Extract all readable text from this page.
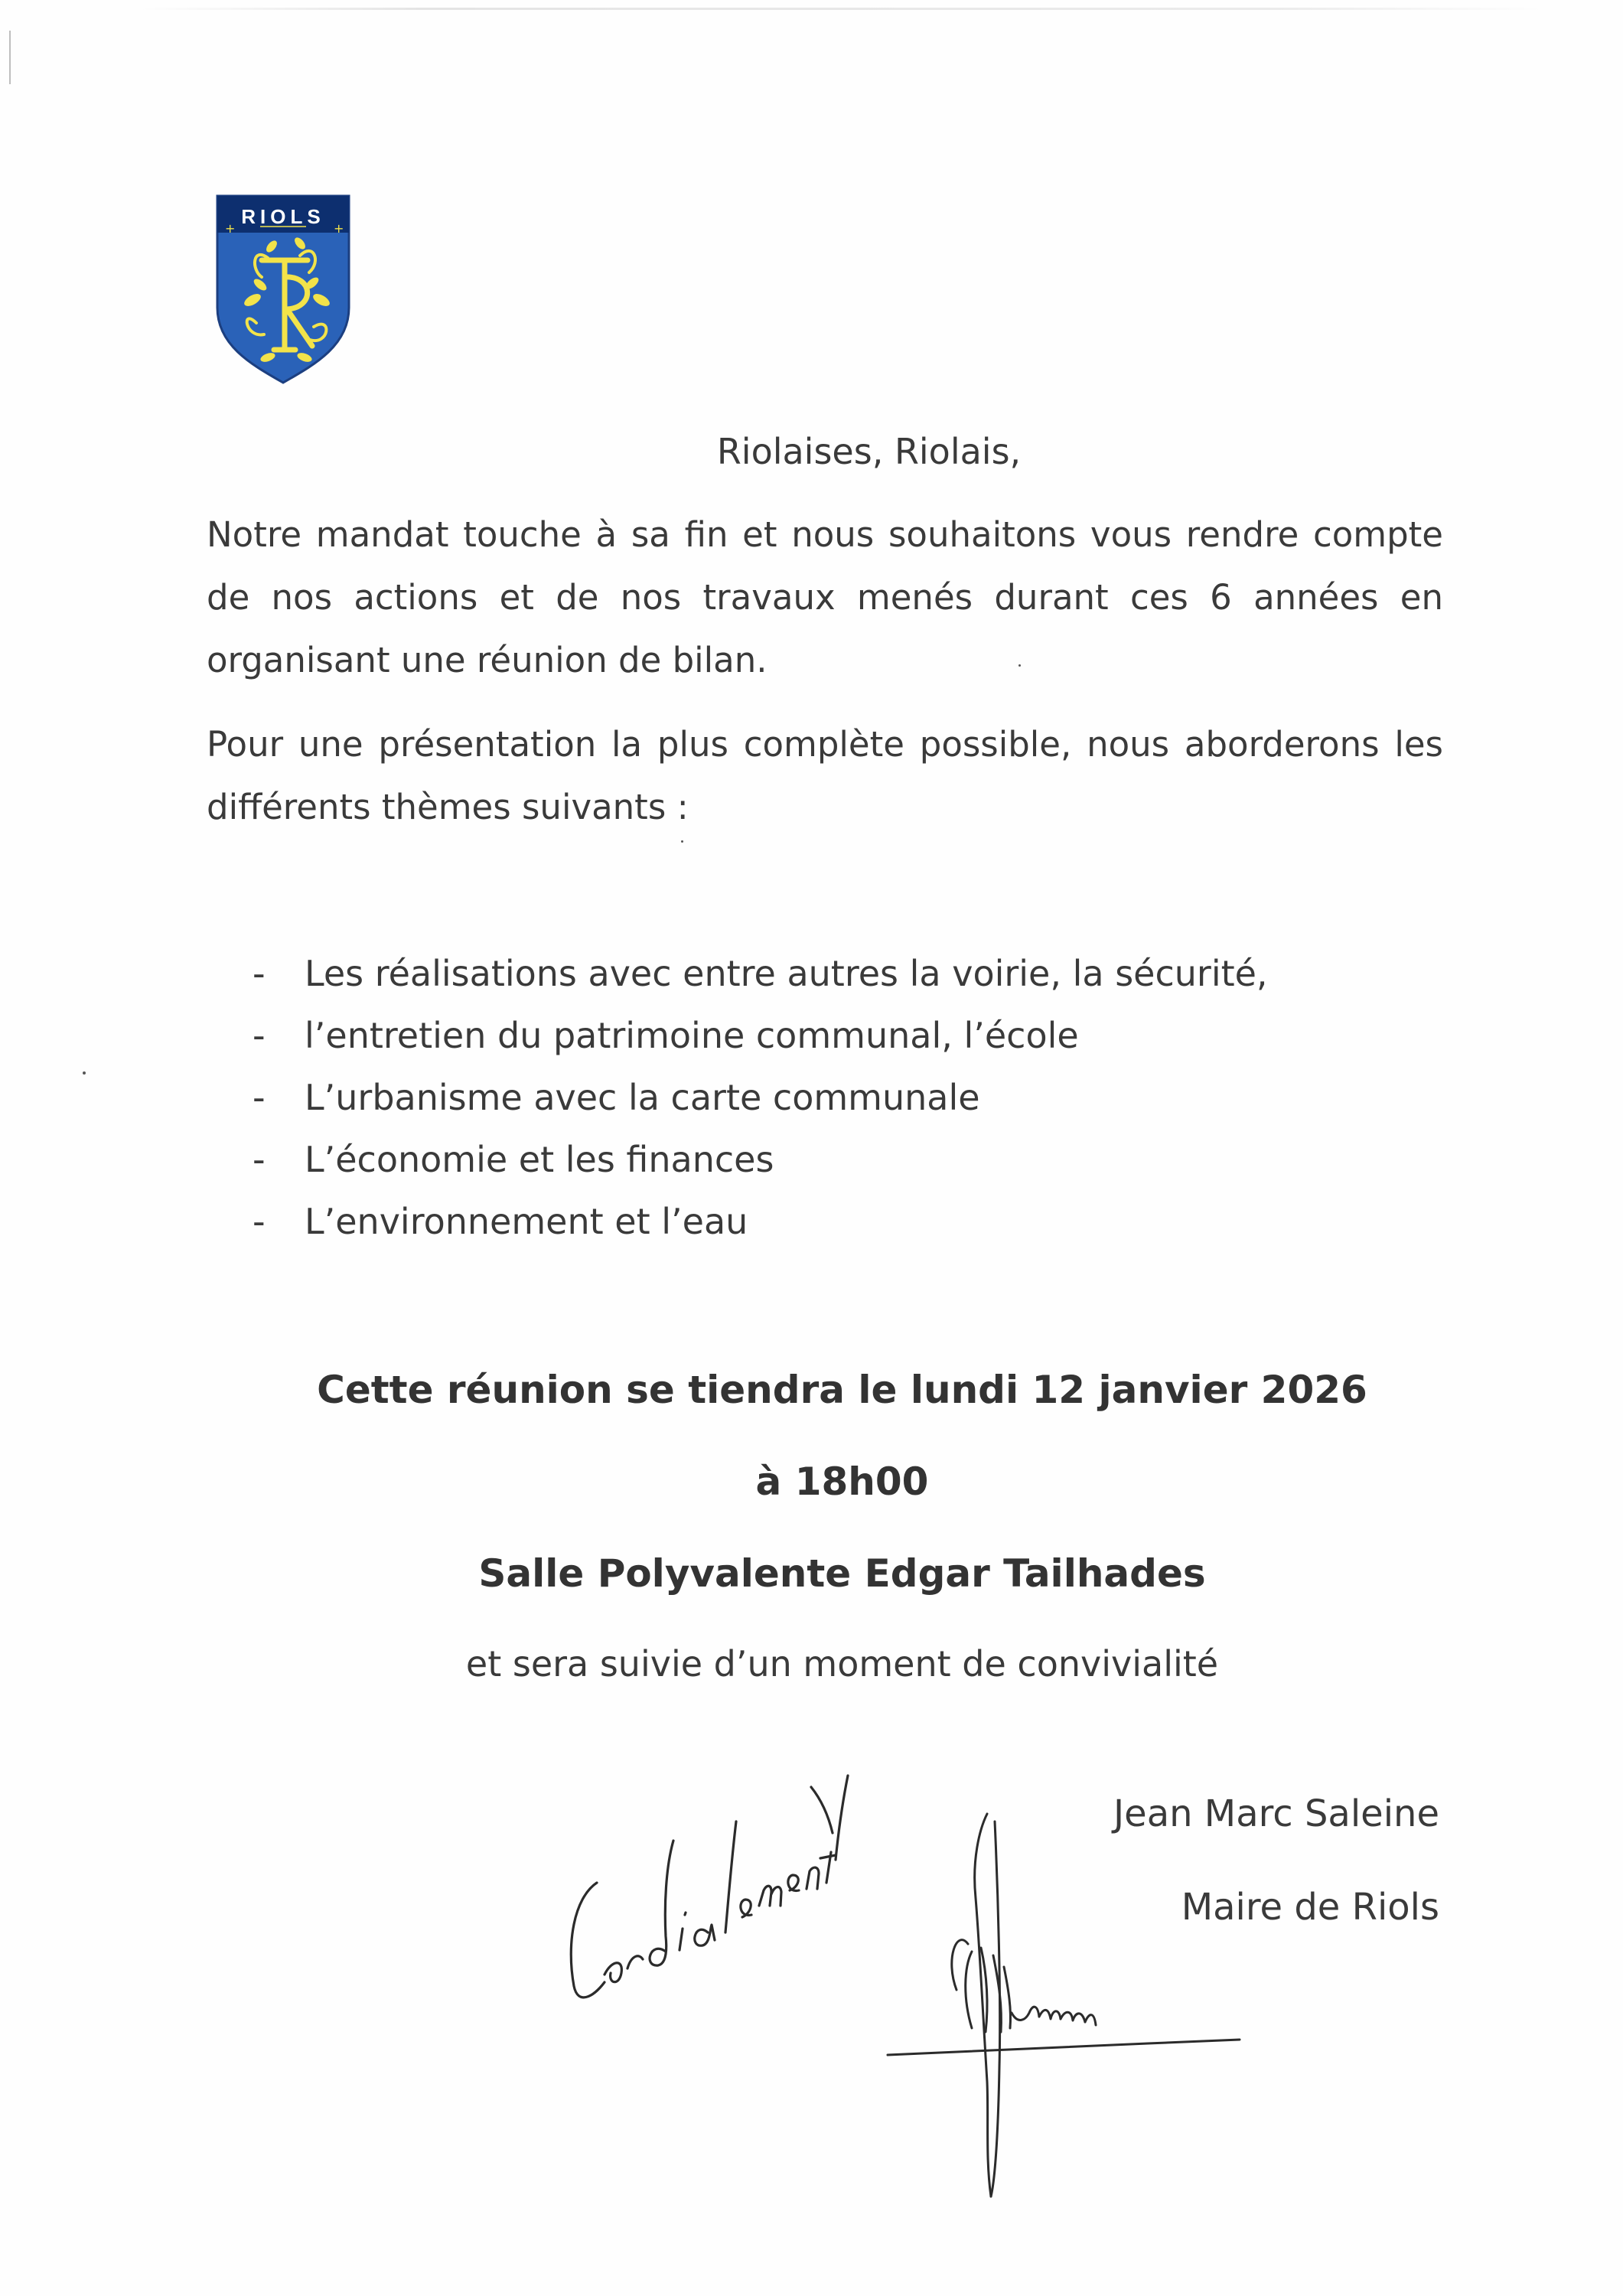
RIOLS
+	+
Riolaises, Riolais,
Notre mandat touche à sa fin et nous souhaitons vous rendre compte de nos actions et de nos travaux menés durant ces 6 années en organisant une réunion de bilan.
Pour une présentation la plus complète possible, nous aborderons les différents thèmes suivants :
- Les réalisations avec entre autres la voirie, la sécurité,
- l’entretien du patrimoine communal, l’école
- L’urbanisme avec la carte communale
- L’économie et les finances
- L’environnement et l’eau
Cette réunion se tiendra le lundi 12 janvier 2026
à 18h00
Salle Polyvalente Edgar Tailhades
et sera suivie d’un moment de convivialité
Jean Marc Saleine
Maire de Riols
